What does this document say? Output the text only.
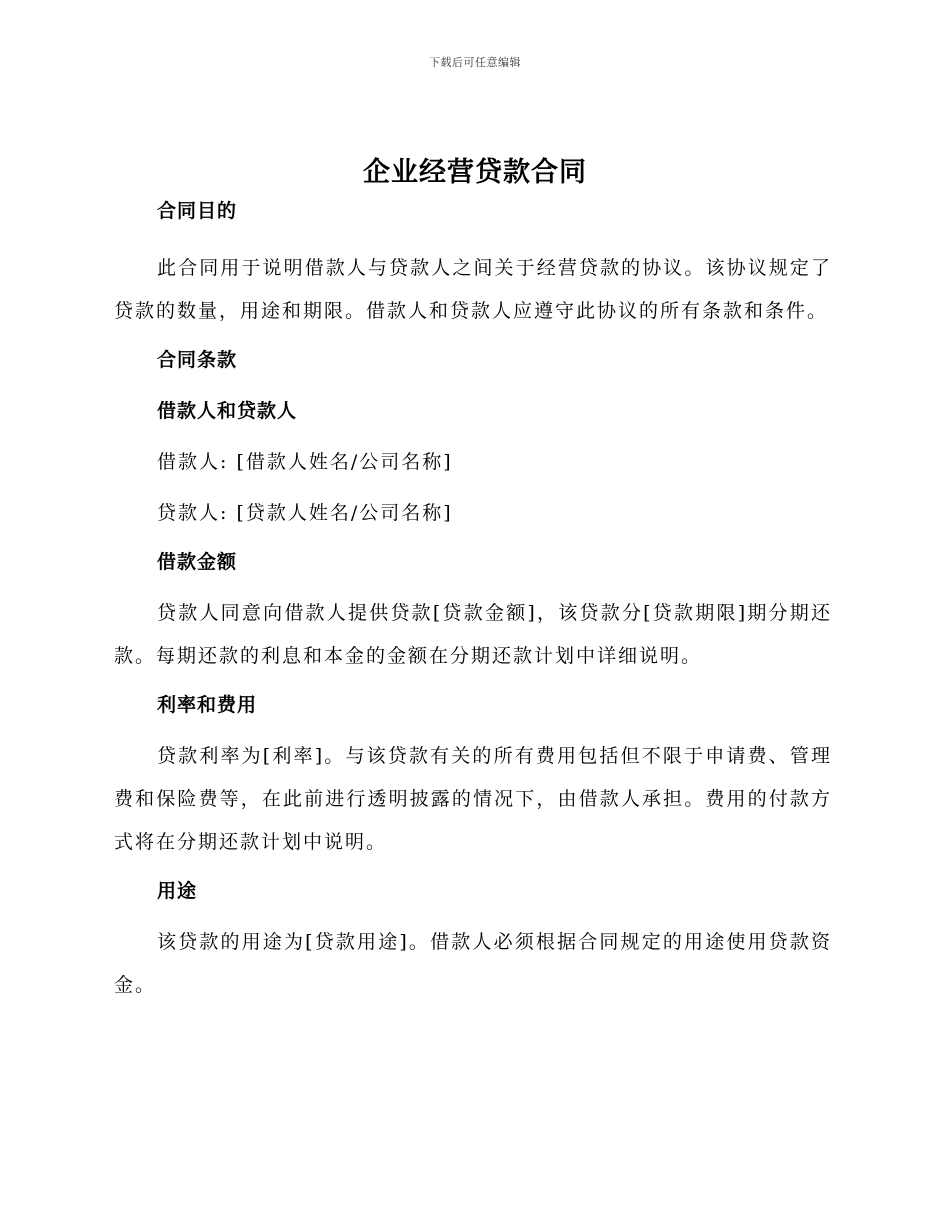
下载后可任意编辑
企业经营贷款合同
合同目的
此合同用于说明借款人与贷款人之间关于经营贷款的协议。该协议规定了贷款的数量，用途和期限。借款人和贷款人应遵守此协议的所有条款和条件。
合同条款
借款人和贷款人
借款人: [借款人姓名/公司名称]
贷款人: [贷款人姓名/公司名称]
借款金额
贷款人同意向借款人提供贷款[贷款金额]，该贷款分[贷款期限]期分期还款。每期还款的利息和本金的金额在分期还款计划中详细说明。
利率和费用
贷款利率为[利率]。与该贷款有关的所有费用包括但不限于申请费、管理费和保险费等，在此前进行透明披露的情况下，由借款人承担。费用的付款方式将在分期还款计划中说明。
用途
该贷款的用途为[贷款用途]。借款人必须根据合同规定的用途使用贷款资金。
